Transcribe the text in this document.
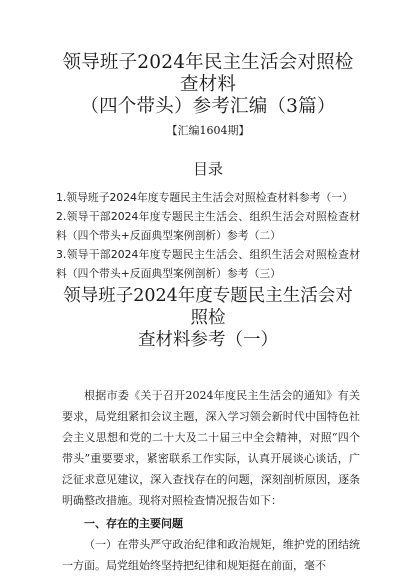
领导班子2024年民主生活会对照检查材料
（四个带头）参考汇编（3篇）
【汇编1604期】
目录
1.领导班子2024年度专题民主生活会对照检查材料参考（一）
2.领导干部2024年度专题民主生活会、组织生活会对照检查材料（四个带头+反面典型案例剖析）参考（二）
3.领导干部2024年度专题民主生活会、组织生活会对照检查材料（四个带头+反面典型案例剖析）参考（三）
领导班子2024年度专题民主生活会对照检
查材料参考（一）

根据市委《关于召开2024年度民主生活会的通知》有关要求，局党组紧扣会议主题，深入学习领会新时代中国特色社会主义思想和党的二十大及二十届三中全会精神，对照“四个带头”重要要求，紧密联系工作实际，认真开展谈心谈话，广泛征求意见建议，深入查找存在的问题，深刻剖析原因，逐条明确整改措施。现将对照检查情况报告如下：

一、存在的主要问题

（一）在带头严守政治纪律和政治规矩，维护党的团结统一方面。局党组始终坚持把纪律和规矩挺在前面，毫不
